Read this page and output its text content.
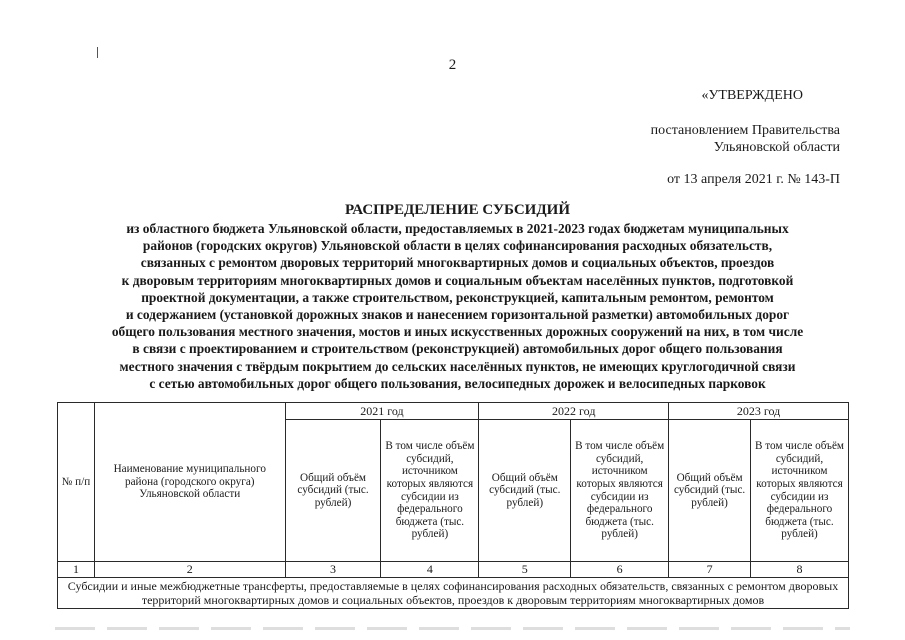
2
«УТВЕРЖДЕНО
постановлением Правительства
Ульяновской области
от 13 апреля 2021 г. № 143-П
РАСПРЕДЕЛЕНИЕ СУБСИДИЙ
из областного бюджета Ульяновской области, предоставляемых в 2021-2023 годах бюджетам муниципальных
районов (городских округов) Ульяновской области в целях софинансирования расходных обязательств,
связанных с ремонтом дворовых территорий многоквартирных домов и социальных объектов, проездов
к дворовым территориям многоквартирных домов и социальным объектам населённых пунктов, подготовкой
проектной документации, а также строительством, реконструкцией, капитальным ремонтом, ремонтом
и содержанием (установкой дорожных знаков и нанесением горизонтальной разметки) автомобильных дорог
общего пользования местного значения, мостов и иных искусственных дорожных сооружений на них, в том числе
в связи с проектированием и строительством (реконструкцией) автомобильных дорог общего пользования
местного значения с твёрдым покрытием до сельских населённых пунктов, не имеющих круглогодичной связи
с сетью автомобильных дорог общего пользования, велосипедных дорожек и велосипедных парковок
№ п/п	Наименование муниципального района (городского округа) Ульяновской области	2021 год		2022 год		2023 год	
		Общий объём субсидий (тыс. рублей)	В том числе объём субсидий, источником которых являются субсидии из федерального бюджета (тыс. рублей)	Общий объём субсидий (тыс. рублей)	В том числе объём субсидий, источником которых являются субсидии из федерального бюджета (тыс. рублей)	Общий объём субсидий (тыс. рублей)	В том числе объём субсидий, источником которых являются субсидии из федерального бюджета (тыс. рублей)
1	2	3	4	5	6	7	8
Субсидии и иные межбюджетные трансферты, предоставляемые в целях софинансирования расходных обязательств, связанных с ремонтом дворовых территорий многоквартирных домов и социальных объектов, проездов к дворовым территориям многоквартирных домов							
